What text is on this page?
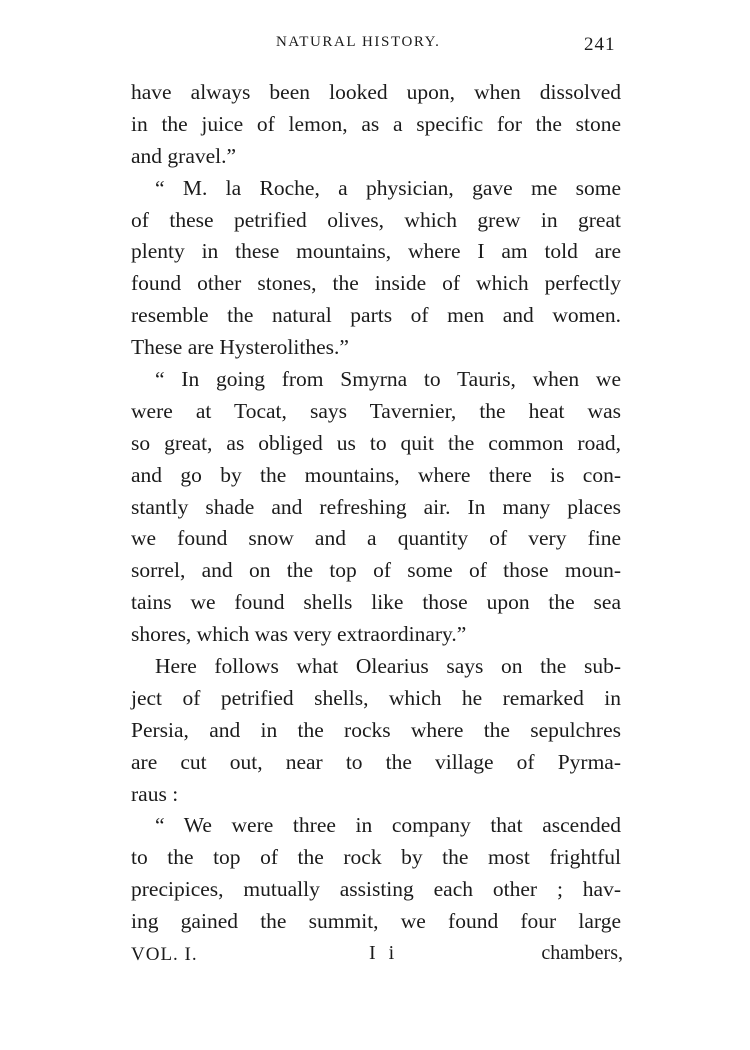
NATURAL HISTORY.	241
have always been looked upon, when dissolved
in the juice of lemon, as a specific for the stone
and gravel.”
“ M. la Roche, a physician, gave me some
of these petrified olives, which grew in great
plenty in these mountains, where I am told are
found other stones, the inside of which perfectly
resemble the natural parts of men and women.
These are Hysterolithes.”
“ In going from Smyrna to Tauris, when we
were at Tocat, says Tavernier, the heat was
so great, as obliged us to quit the common road,
and go by the mountains, where there is con-
stantly shade and refreshing air. In many places
we found snow and a quantity of very fine
sorrel, and on the top of some of those moun-
tains we found shells like those upon the sea
shores, which was very extraordinary.”
Here follows what Olearius says on the sub-
ject of petrified shells, which he remarked in
Persia, and in the rocks where the sepulchres
are cut out, near to the village of Pyrma-
raus :
“ We were three in company that ascended
to the top of the rock by the most frightful
precipices, mutually assisting each other ; hav-
ing gained the summit, we found four large
VOL. I.	I i	chambers,
